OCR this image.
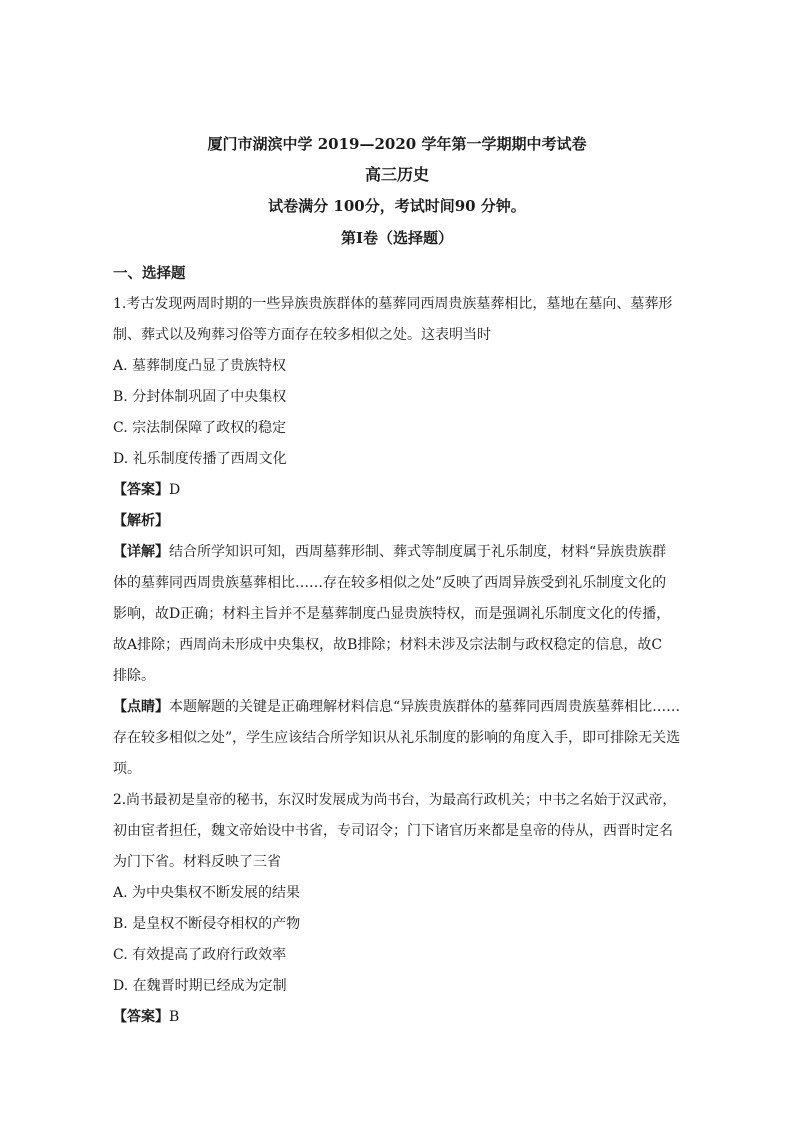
厦门市湖滨中学 2019—2020 学年第一学期期中考试卷
高三历史
试卷满分 100分，考试时间90 分钟。
第Ⅰ卷（选择题）
一、选择题
1.考古发现两周时期的一些异族贵族群体的墓葬同西周贵族墓葬相比，墓地在墓向、墓葬形
制、葬式以及殉葬习俗等方面存在较多相似之处。这表明当时
A. 墓葬制度凸显了贵族特权
B. 分封体制巩固了中央集权
C. 宗法制保障了政权的稳定
D. 礼乐制度传播了西周文化
【答案】D
【解析】
【详解】结合所学知识可知，西周墓葬形制、葬式等制度属于礼乐制度，材料“异族贵族群
体的墓葬同西周贵族墓葬相比……存在较多相似之处”反映了西周异族受到礼乐制度文化的
影响，故D正确；材料主旨并不是墓葬制度凸显贵族特权，而是强调礼乐制度文化的传播，
故A排除；西周尚未形成中央集权，故B排除；材料未涉及宗法制与政权稳定的信息，故C
排除。
【点睛】本题解题的关键是正确理解材料信息“异族贵族群体的墓葬同西周贵族墓葬相比……
存在较多相似之处”，学生应该结合所学知识从礼乐制度的影响的角度入手，即可排除无关选
项。
2.尚书最初是皇帝的秘书，东汉时发展成为尚书台，为最高行政机关；中书之名始于汉武帝，
初由宦者担任，魏文帝始设中书省，专司诏令；门下诸官历来都是皇帝的侍从，西晋时定名
为门下省。材料反映了三省
A. 为中央集权不断发展的结果
B. 是皇权不断侵夺相权的产物
C. 有效提高了政府行政效率
D. 在魏晋时期已经成为定制
【答案】B
